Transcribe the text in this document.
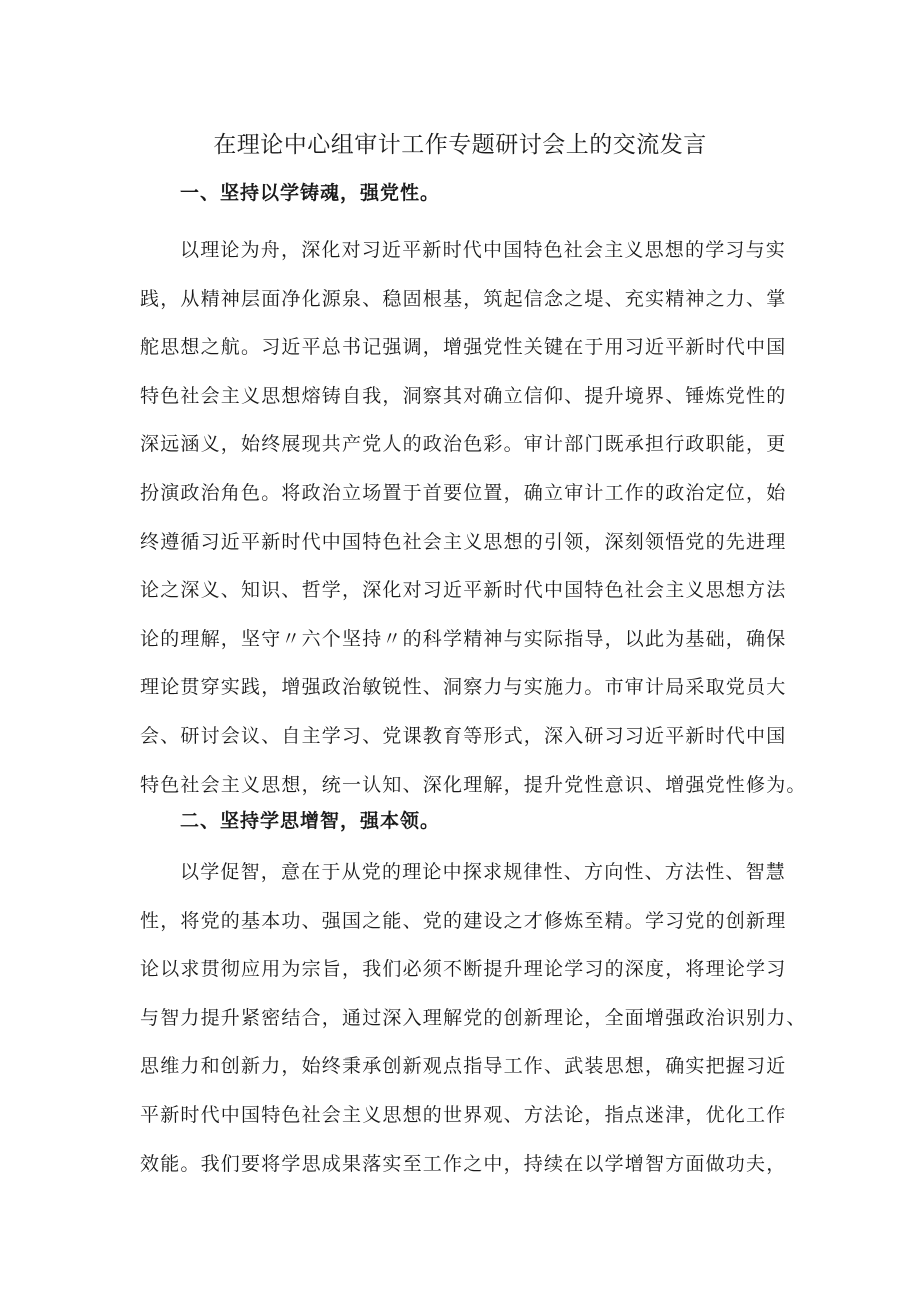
在理论中心组审计工作专题研讨会上的交流发言
一、坚持以学铸魂，强党性。
以理论为舟，深化对习近平新时代中国特色社会主义思想的学习与实
践，从精神层面净化源泉、稳固根基，筑起信念之堤、充实精神之力、掌
舵思想之航。习近平总书记强调，增强党性关键在于用习近平新时代中国
特色社会主义思想熔铸自我，洞察其对确立信仰、提升境界、锤炼党性的
深远涵义，始终展现共产党人的政治色彩。审计部门既承担行政职能，更
扮演政治角色。将政治立场置于首要位置，确立审计工作的政治定位，始
终遵循习近平新时代中国特色社会主义思想的引领，深刻领悟党的先进理
论之深义、知识、哲学，深化对习近平新时代中国特色社会主义思想方法
论的理解，坚守〃六个坚持〃的科学精神与实际指导，以此为基础，确保
理论贯穿实践，增强政治敏锐性、洞察力与实施力。市审计局采取党员大
会、研讨会议、自主学习、党课教育等形式，深入研习习近平新时代中国
特色社会主义思想，统一认知、深化理解，提升党性意识、增强党性修为。
二、坚持学思增智，强本领。
以学促智，意在于从党的理论中探求规律性、方向性、方法性、智慧
性，将党的基本功、强国之能、党的建设之才修炼至精。学习党的创新理
论以求贯彻应用为宗旨，我们必须不断提升理论学习的深度，将理论学习
与智力提升紧密结合，通过深入理解党的创新理论，全面增强政治识别力、
思维力和创新力，始终秉承创新观点指导工作、武装思想，确实把握习近
平新时代中国特色社会主义思想的世界观、方法论，指点迷津，优化工作
效能。我们要将学思成果落实至工作之中，持续在以学增智方面做功夫，
